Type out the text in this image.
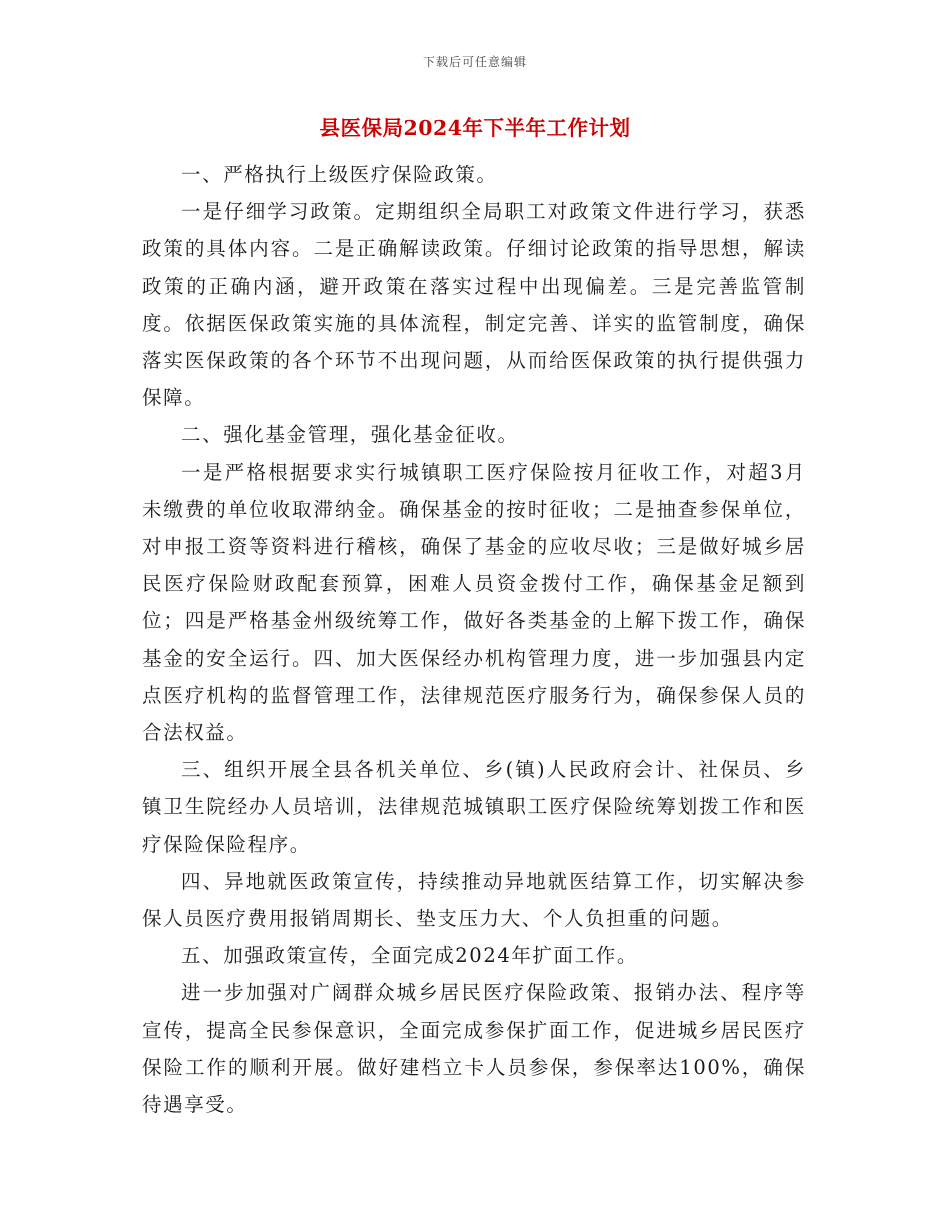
下载后可任意编辑
县医保局2024年下半年工作计划

一、严格执行上级医疗保险政策。

一是仔细学习政策。定期组织全局职工对政策文件进行学习，获悉政策的具体内容。二是正确解读政策。仔细讨论政策的指导思想，解读政策的正确内涵，避开政策在落实过程中出现偏差。三是完善监管制度。依据医保政策实施的具体流程，制定完善、详实的监管制度，确保落实医保政策的各个环节不出现问题，从而给医保政策的执行提供强力保障。

二、强化基金管理，强化基金征收。

一是严格根据要求实行城镇职工医疗保险按月征收工作，对超3月未缴费的单位收取滞纳金。确保基金的按时征收；二是抽查参保单位，对申报工资等资料进行稽核，确保了基金的应收尽收；三是做好城乡居民医疗保险财政配套预算，困难人员资金拨付工作，确保基金足额到位；四是严格基金州级统筹工作，做好各类基金的上解下拨工作，确保基金的安全运行。四、加大医保经办机构管理力度，进一步加强县内定点医疗机构的监督管理工作，法律规范医疗服务行为，确保参保人员的合法权益。

三、组织开展全县各机关单位、乡(镇)人民政府会计、社保员、乡镇卫生院经办人员培训，法律规范城镇职工医疗保险统筹划拨工作和医疗保险保险程序。

四、异地就医政策宣传，持续推动异地就医结算工作，切实解决参保人员医疗费用报销周期长、垫支压力大、个人负担重的问题。

五、加强政策宣传，全面完成2024年扩面工作。

进一步加强对广阔群众城乡居民医疗保险政策、报销办法、程序等宣传，提高全民参保意识，全面完成参保扩面工作，促进城乡居民医疗保险工作的顺利开展。做好建档立卡人员参保，参保率达100%，确保待遇享受。
